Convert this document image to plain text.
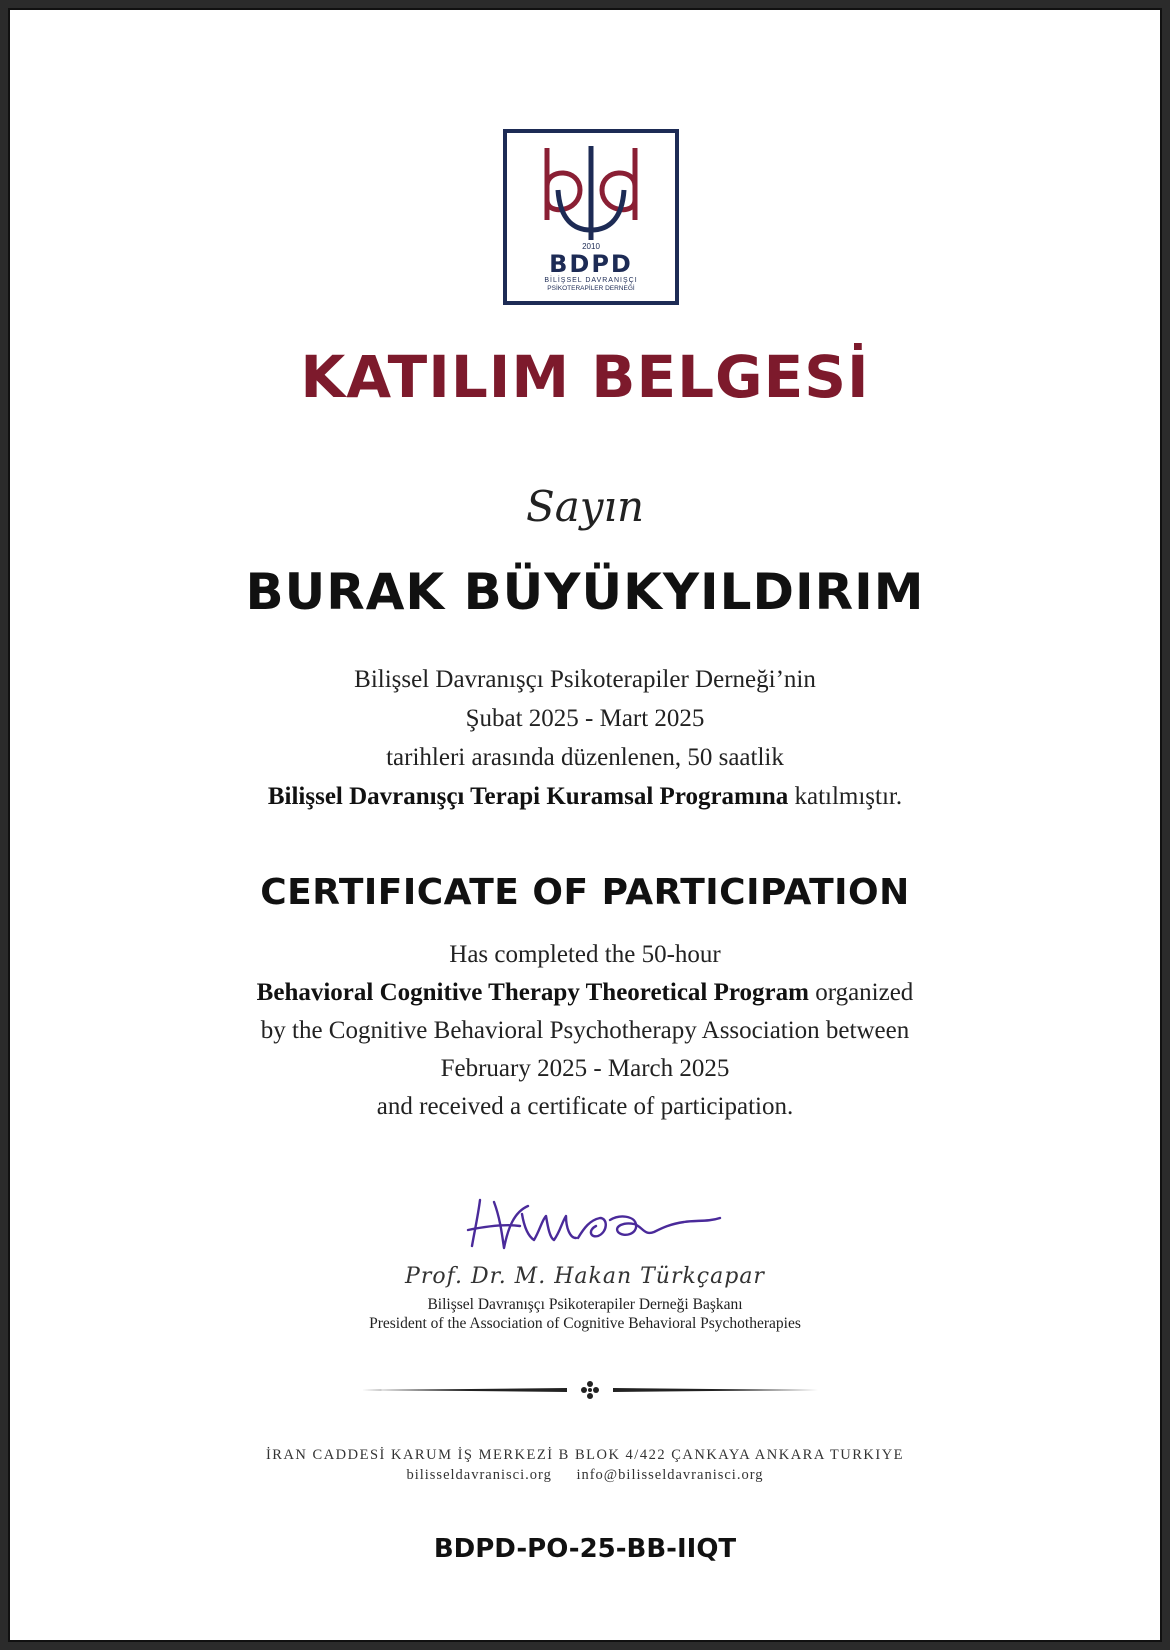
2010
BDPD
BİLİŞSEL DAVRANIŞÇI
PSİKOTERAPİLER DERNEĞİ
KATILIM BELGESİ
Sayın
BURAK BÜYÜKYILDIRIM
Bilişsel Davranışçı Psikoterapiler Derneği’nin
Şubat 2025 - Mart 2025
tarihleri arasında düzenlenen, 50 saatlik
Bilişsel Davranışçı Terapi Kuramsal Programına katılmıştır.
CERTIFICATE OF PARTICIPATION
Has completed the 50-hour
Behavioral Cognitive Therapy Theoretical Program organized
by the Cognitive Behavioral Psychotherapy Association between
February 2025 - March 2025
and received a certificate of participation.
Prof. Dr. M. Hakan Türkçapar
Bilişsel Davranışçı Psikoterapiler Derneği Başkanı
President of the Association of Cognitive Behavioral Psychotherapies
İRAN CADDESİ KARUM İŞ MERKEZİ B BLOK 4/422 ÇANKAYA ANKARA TURKIYE
bilisseldavranisci.org info@bilisseldavranisci.org
BDPD-PO-25-BB-IIQT
